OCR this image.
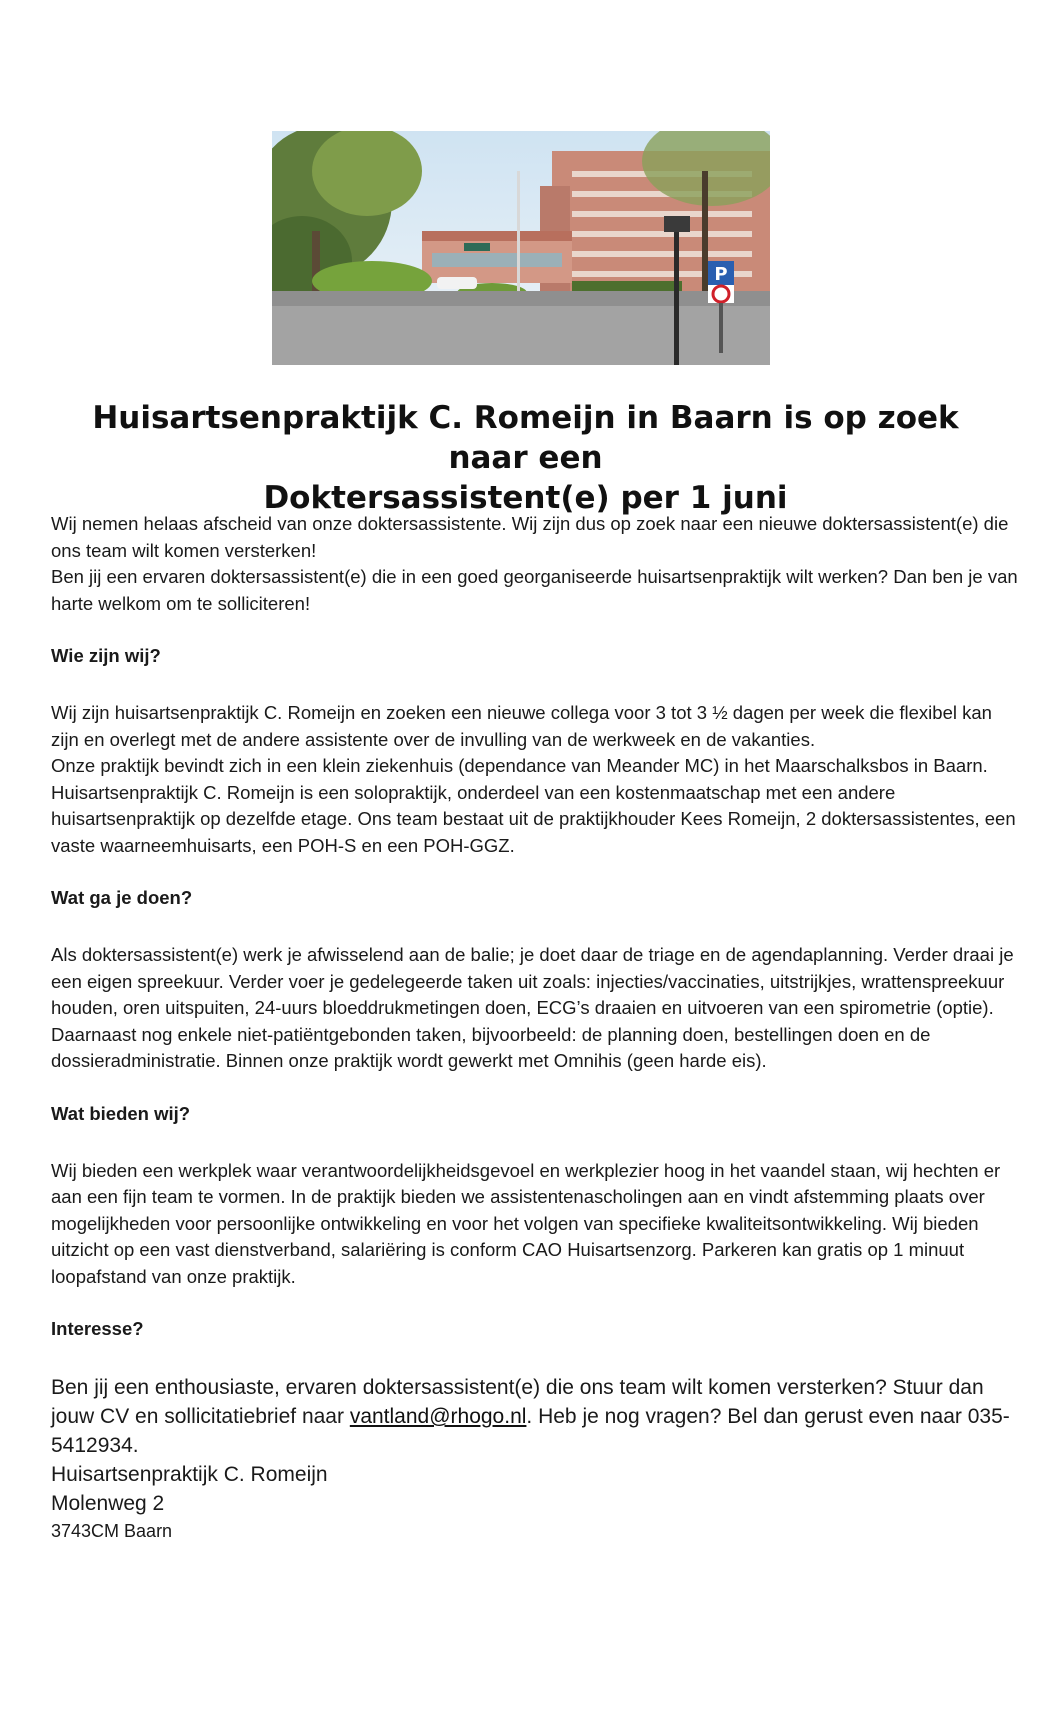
P
Huisartsenpraktijk C. Romeijn in Baarn is op zoek naar een
Doktersassistent(e) per 1 juni

Wij nemen helaas afscheid van onze doktersassistente. Wij zijn dus op zoek naar een nieuwe doktersassistent(e) die ons team wilt komen versterken!

Ben jij een ervaren doktersassistent(e) die in een goed georganiseerde huisartsenpraktijk wilt werken? Dan ben je van harte welkom om te solliciteren!

Wie zijn wij?

Wij zijn huisartsenpraktijk C. Romeijn en zoeken een nieuwe collega voor 3 tot 3 ½ dagen per week die flexibel kan zijn en overlegt met de andere assistente over de invulling van de werkweek en de vakanties.

Onze praktijk bevindt zich in een klein ziekenhuis (dependance van Meander MC) in het Maarschalksbos in Baarn. Huisartsenpraktijk C. Romeijn is een solopraktijk, onderdeel van een kostenmaatschap met een andere huisartsenpraktijk op dezelfde etage. Ons team bestaat uit de praktijkhouder Kees Romeijn, 2 doktersassistentes, een vaste waarneemhuisarts, een POH-S en een POH-GGZ.

Wat ga je doen?

Als doktersassistent(e) werk je afwisselend aan de balie; je doet daar de triage en de agendaplanning. Verder draai je een eigen spreekuur. Verder voer je gedelegeerde taken uit zoals: injecties/vaccinaties, uitstrijkjes, wrattenspreekuur houden, oren uitspuiten, 24-uurs bloeddrukmetingen doen, ECG’s draaien en uitvoeren van een spirometrie (optie). Daarnaast nog enkele niet-patiëntgebonden taken, bijvoorbeeld: de planning doen, bestellingen doen en de dossieradministratie. Binnen onze praktijk wordt gewerkt met Omnihis (geen harde eis).

Wat bieden wij?

Wij bieden een werkplek waar verantwoordelijkheidsgevoel en werkplezier hoog in het vaandel staan, wij hechten er aan een fijn team te vormen. In de praktijk bieden we assistentenascholingen aan en vindt afstemming plaats over mogelijkheden voor persoonlijke ontwikkeling en voor het volgen van specifieke kwaliteitsontwikkeling. Wij bieden uitzicht op een vast dienstverband, salariëring is conform CAO Huisartsenzorg. Parkeren kan gratis op 1 minuut loopafstand van onze praktijk.

Interesse?

Ben jij een enthousiaste, ervaren doktersassistent(e) die ons team wilt komen versterken? Stuur dan jouw CV en sollicitatiebrief naar vantland@rhogo.nl. Heb je nog vragen? Bel dan gerust even naar 035-5412934.

Huisartsenpraktijk C. Romeijn

Molenweg 2

3743CM Baarn
